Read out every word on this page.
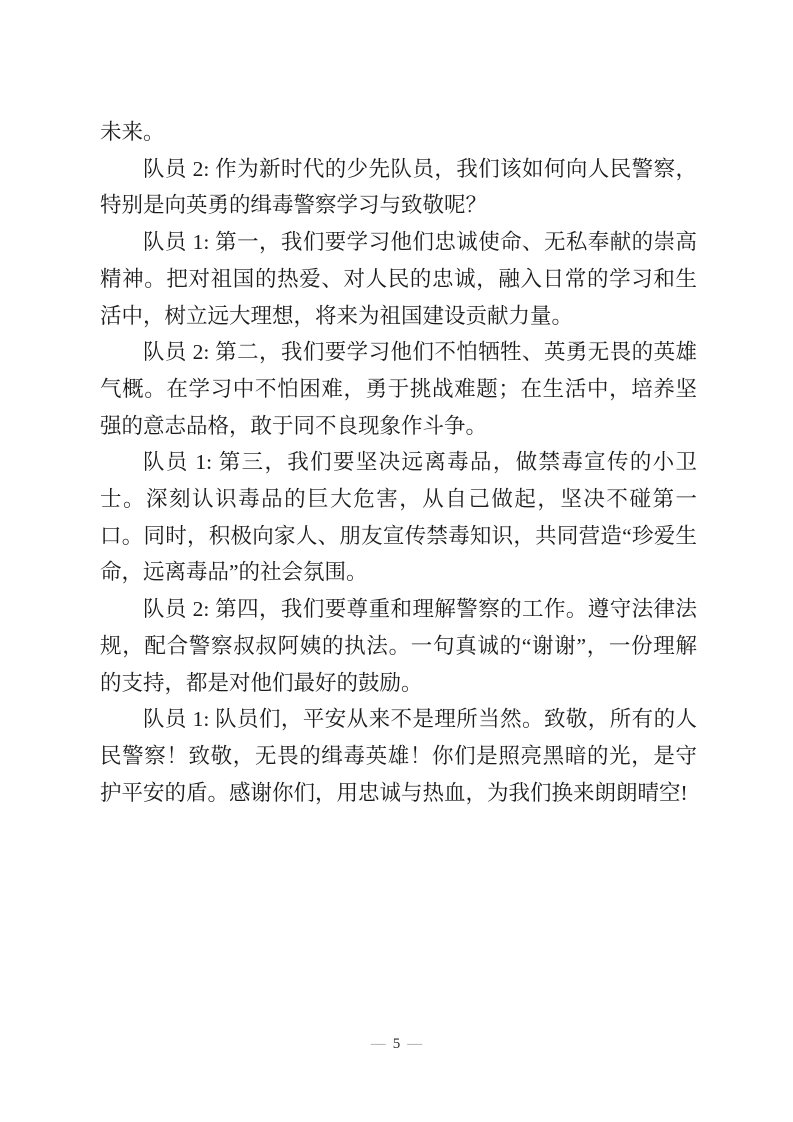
未来。

队员 2: 作为新时代的少先队员，我们该如何向人民警察，特别是向英勇的缉毒警察学习与致敬呢？

队员 1: 第一，我们要学习他们忠诚使命、无私奉献的崇高精神。把对祖国的热爱、对人民的忠诚，融入日常的学习和生活中，树立远大理想，将来为祖国建设贡献力量。

队员 2: 第二，我们要学习他们不怕牺牲、英勇无畏的英雄气概。在学习中不怕困难，勇于挑战难题；在生活中，培养坚强的意志品格，敢于同不良现象作斗争。

队员 1: 第三，我们要坚决远离毒品，做禁毒宣传的小卫士。深刻认识毒品的巨大危害，从自己做起，坚决不碰第一口。同时，积极向家人、朋友宣传禁毒知识，共同营造“珍爱生命，远离毒品”的社会氛围。

队员 2: 第四，我们要尊重和理解警察的工作。遵守法律法规，配合警察叔叔阿姨的执法。一句真诚的“谢谢”，一份理解的支持，都是对他们最好的鼓励。

队员 1: 队员们，平安从来不是理所当然。致敬，所有的人民警察！致敬，无畏的缉毒英雄！你们是照亮黑暗的光，是守护平安的盾。感谢你们，用忠诚与热血，为我们换来朗朗晴空!

— 5 —
